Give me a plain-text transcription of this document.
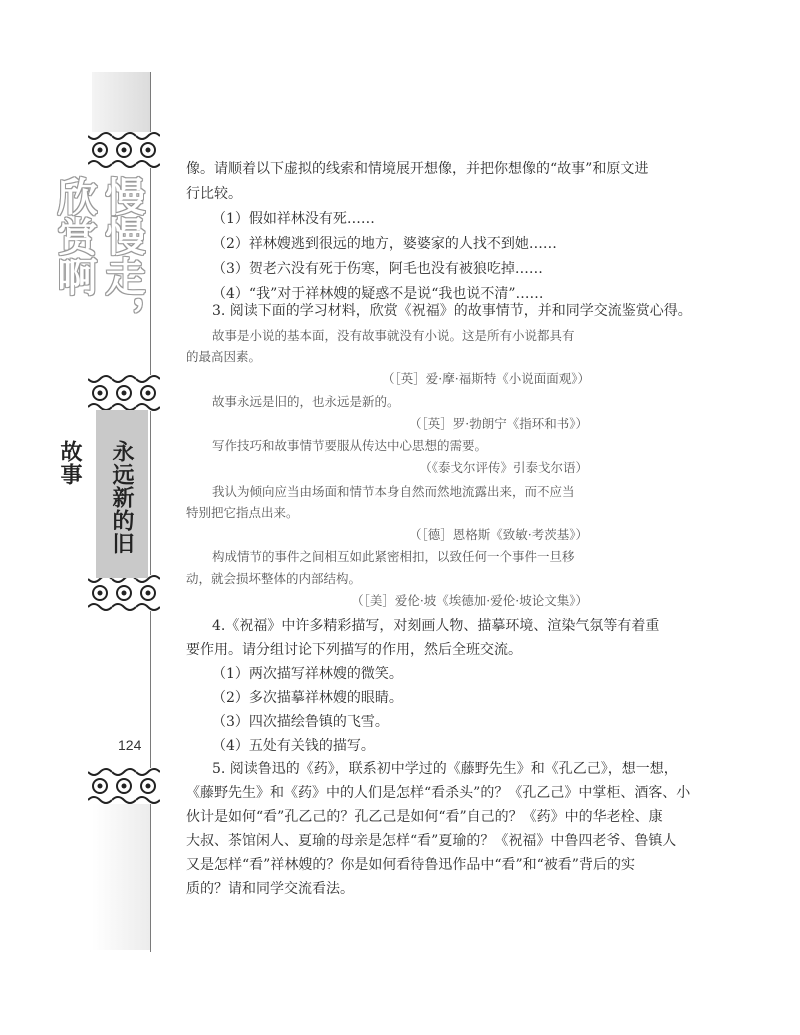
慢慢走，欣赏啊
永远新的旧故事
124
像。请顺着以下虚拟的线索和情境展开想像，并把你想像的“故事”和原文进
行比较。
（1）假如祥林没有死……
（2）祥林嫂逃到很远的地方，婆婆家的人找不到她……
（3）贺老六没有死于伤寒，阿毛也没有被狼吃掉……
（4）“我”对于祥林嫂的疑惑不是说“我也说不清”……
3. 阅读下面的学习材料，欣赏《祝福》的故事情节，并和同学交流鉴赏心得。
故事是小说的基本面，没有故事就没有小说。这是所有小说都具有
的最高因素。
（［英］爱·摩·福斯特《小说面面观》）
故事永远是旧的，也永远是新的。
（［英］罗·勃朗宁《指环和书》）
写作技巧和故事情节要服从传达中心思想的需要。
（《泰戈尔评传》引泰戈尔语）
我认为倾向应当由场面和情节本身自然而然地流露出来，而不应当
特别把它指点出来。
（［德］恩格斯《致敏·考茨基》）
构成情节的事件之间相互如此紧密相扣，以致任何一个事件一旦移
动，就会损坏整体的内部结构。
（［美］爱伦·坡《埃德加·爱伦·坡论文集》）
4.《祝福》中许多精彩描写，对刻画人物、描摹环境、渲染气氛等有着重
要作用。请分组讨论下列描写的作用，然后全班交流。
（1）两次描写祥林嫂的微笑。
（2）多次描摹祥林嫂的眼睛。
（3）四次描绘鲁镇的飞雪。
（4）五处有关钱的描写。
5. 阅读鲁迅的《药》，联系初中学过的《藤野先生》和《孔乙己》，想一想，
《藤野先生》和《药》中的人们是怎样“看杀头”的？《孔乙己》中掌柜、酒客、小
伙计是如何“看”孔乙己的？孔乙己是如何“看”自己的？《药》中的华老栓、康
大叔、茶馆闲人、夏瑜的母亲是怎样“看”夏瑜的？《祝福》中鲁四老爷、鲁镇人
又是怎样“看”祥林嫂的？你是如何看待鲁迅作品中“看”和“被看”背后的实
质的？请和同学交流看法。
